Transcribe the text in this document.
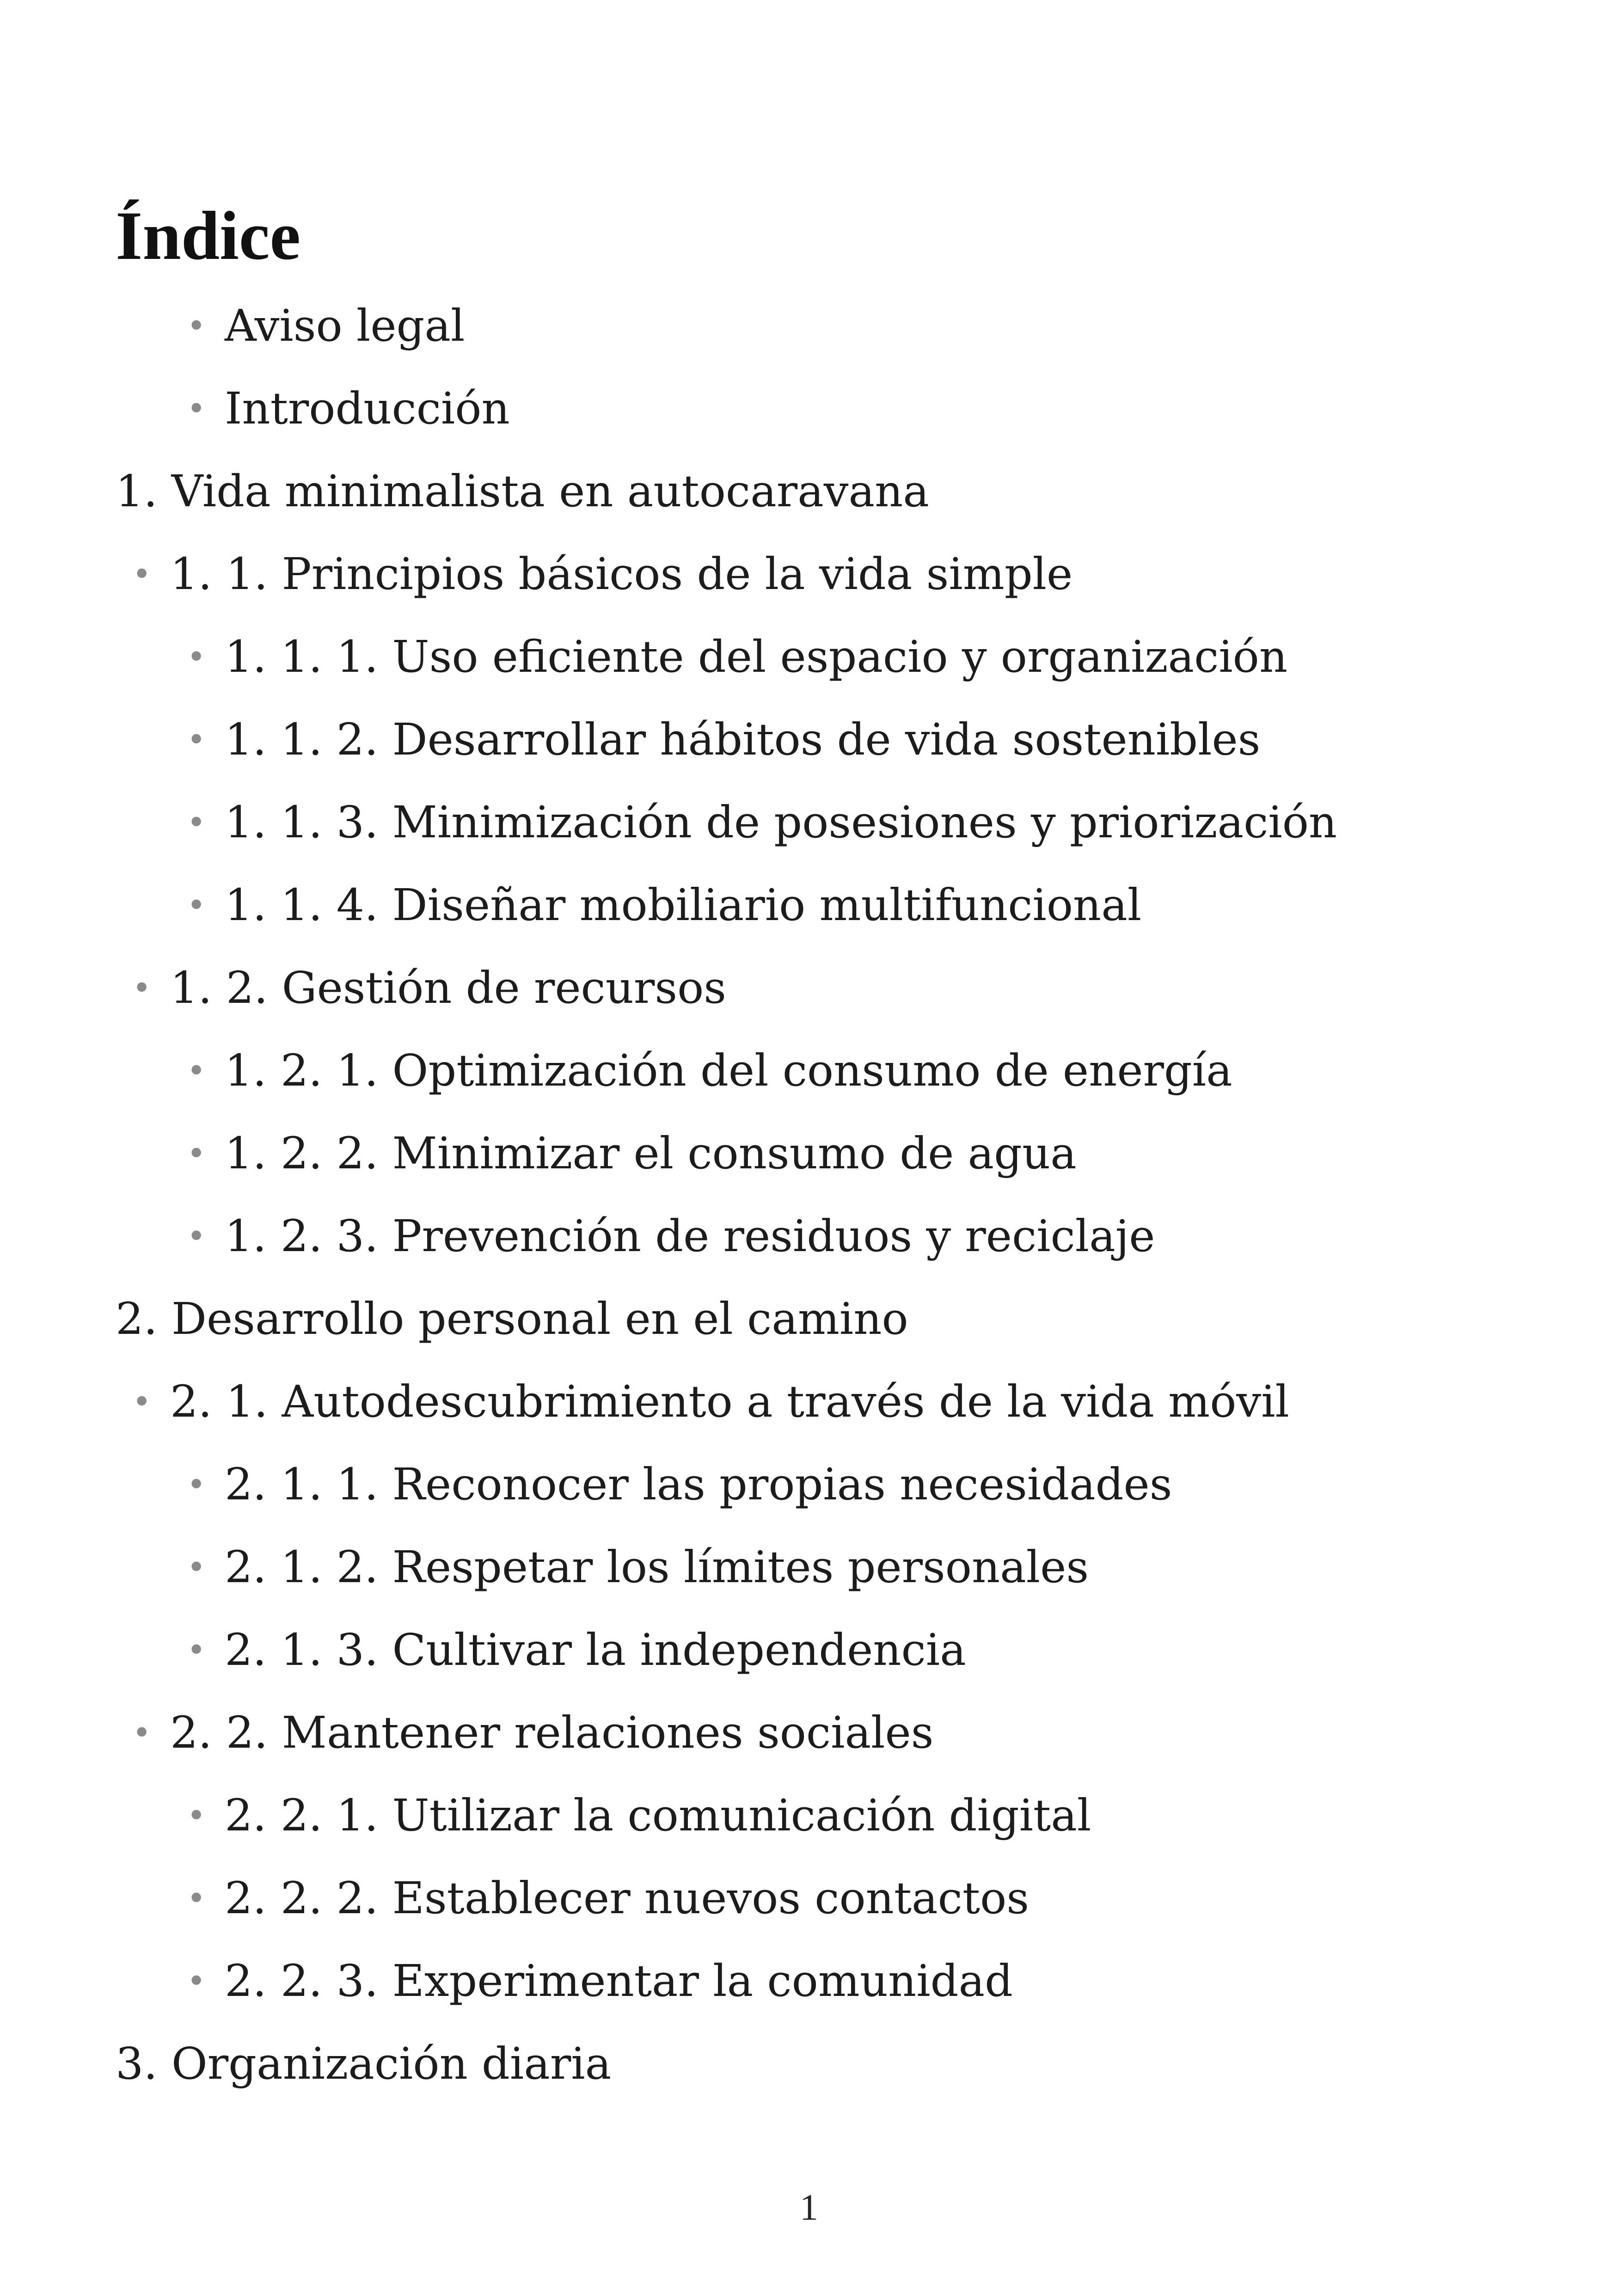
Índice
• Aviso legal
• Introducción
1. Vida minimalista en autocaravana
• 1. 1. Principios básicos de la vida simple
• 1. 1. 1. Uso eficiente del espacio y organización
• 1. 1. 2. Desarrollar hábitos de vida sostenibles
• 1. 1. 3. Minimización de posesiones y priorización
• 1. 1. 4. Diseñar mobiliario multifuncional
• 1. 2. Gestión de recursos
• 1. 2. 1. Optimización del consumo de energía
• 1. 2. 2. Minimizar el consumo de agua
• 1. 2. 3. Prevención de residuos y reciclaje
2. Desarrollo personal en el camino
• 2. 1. Autodescubrimiento a través de la vida móvil
• 2. 1. 1. Reconocer las propias necesidades
• 2. 1. 2. Respetar los límites personales
• 2. 1. 3. Cultivar la independencia
• 2. 2. Mantener relaciones sociales
• 2. 2. 1. Utilizar la comunicación digital
• 2. 2. 2. Establecer nuevos contactos
• 2. 2. 3. Experimentar la comunidad
3. Organización diaria
1
